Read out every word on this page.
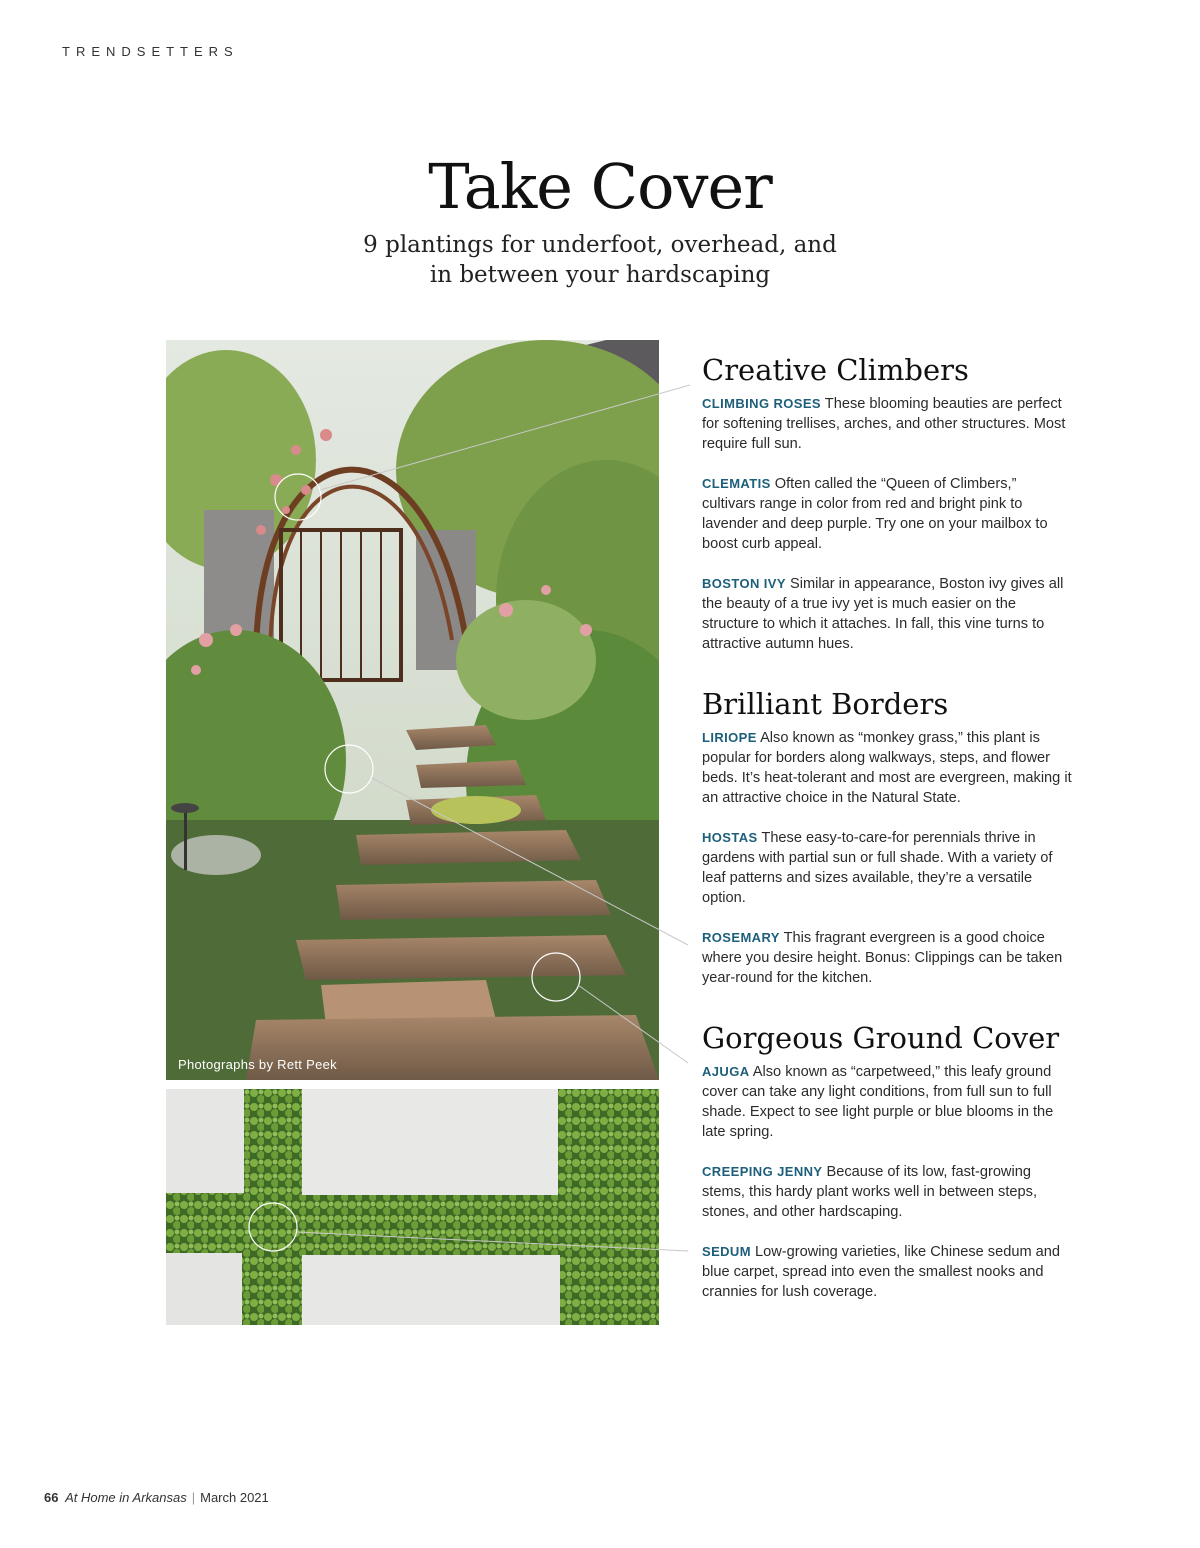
TRENDSETTERS
Take Cover
9 plantings for underfoot, overhead, and
in between your hardscaping
Photographs by Rett Peek
Creative Climbers

CLIMBING ROSES These blooming beauties are perfect for softening trellises, arches, and other structures. Most require full sun.

CLEMATIS Often called the “Queen of Climbers,” cultivars range in color from red and bright pink to lavender and deep purple. Try one on your mailbox to boost curb appeal.

BOSTON IVY Similar in appearance, Boston ivy gives all the beauty of a true ivy yet is much easier on the structure to which it attaches. In fall, this vine turns to attractive autumn hues.

Brilliant Borders

LIRIOPE Also known as “monkey grass,” this plant is popular for borders along walkways, steps, and flower beds. It’s heat-tolerant and most are evergreen, making it an attractive choice in the Natural State.

HOSTAS These easy-to-care-for perennials thrive in gardens with partial sun or full shade. With a variety of leaf patterns and sizes available, they’re a versatile option.

ROSEMARY This fragrant evergreen is a good choice where you desire height. Bonus: Clippings can be taken year-round for the kitchen.

Gorgeous Ground Cover

AJUGA Also known as “carpetweed,” this leafy ground cover can take any light conditions, from full sun to full shade. Expect to see light purple or blue blooms in the late spring.

CREEPING JENNY Because of its low, fast-growing stems, this hardy plant works well in between steps, stones, and other hardscaping.

SEDUM Low-growing varieties, like Chinese sedum and blue carpet, spread into even the smallest nooks and crannies for lush coverage.

66 At Home in Arkansas | March 2021
